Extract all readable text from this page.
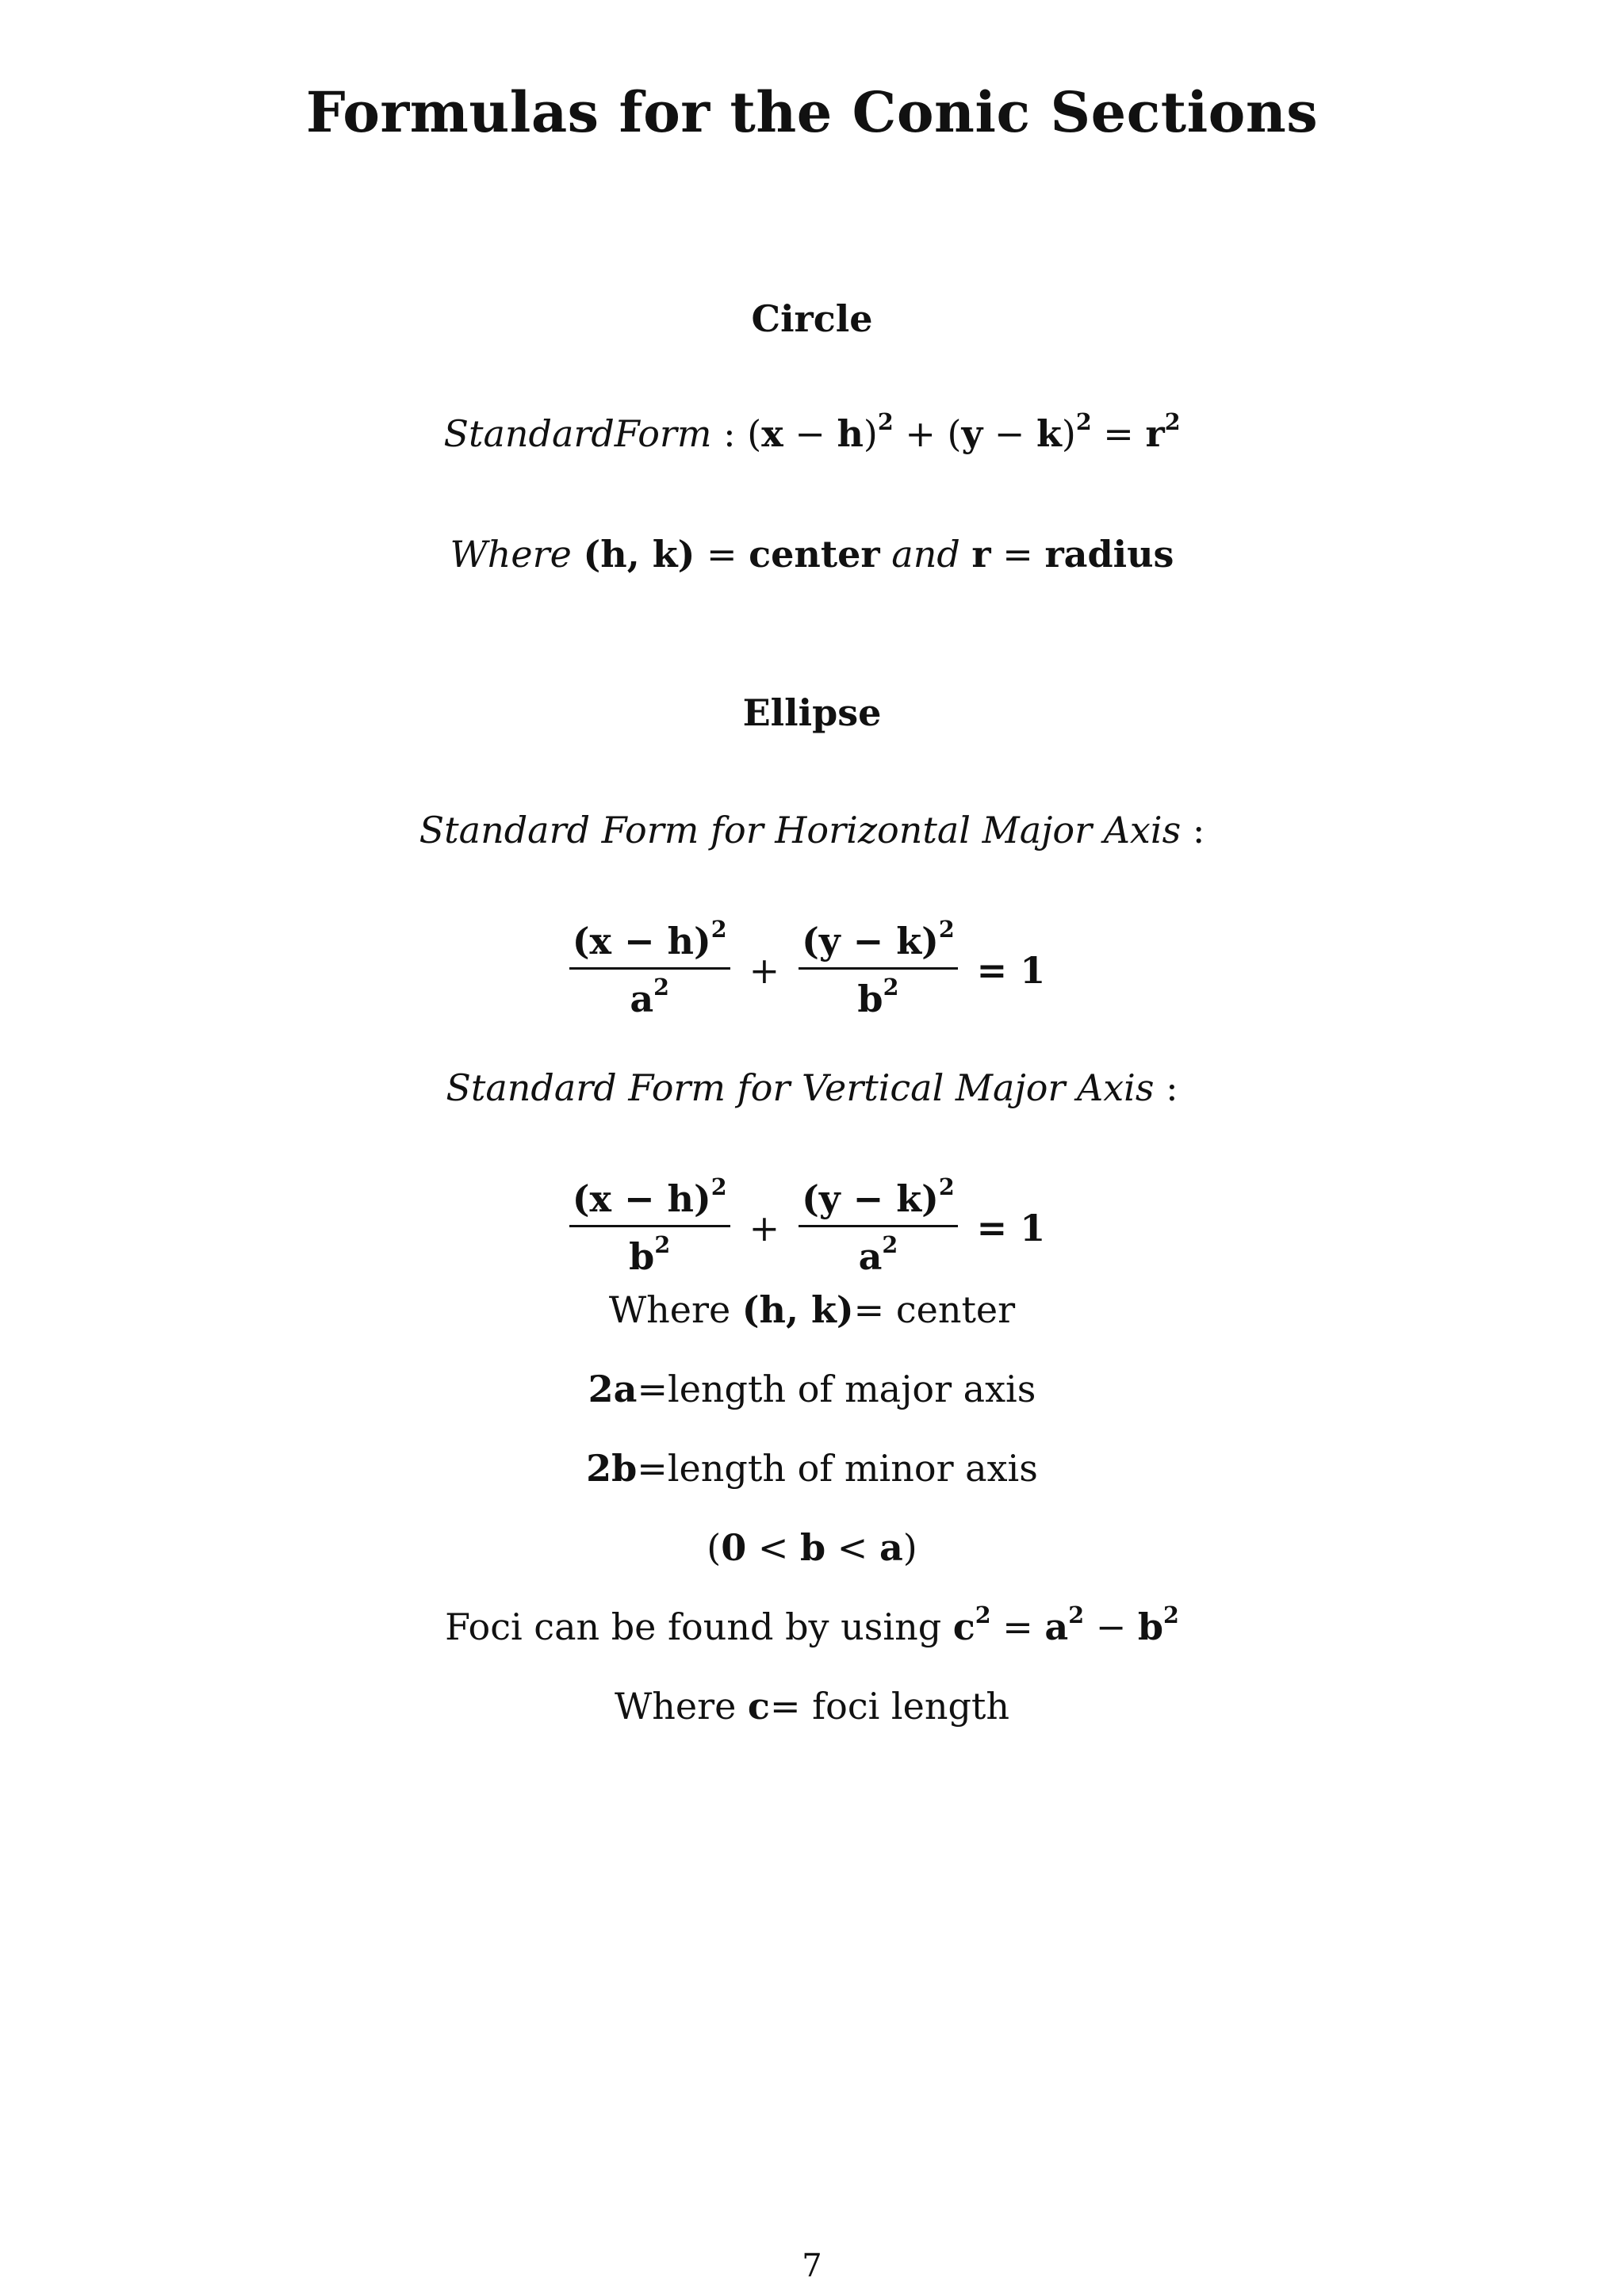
Formulas for the Conic Sections
Circle
StandardForm : $(x - h)^2 + (y - k)^2 = r^2$
Where (h, k) = center and r = radius
Ellipse
Standard Form for Horizontal Major Axis :
$\frac{(x - h)^2}{a^2} + \frac{(y - k)^2}{b^2} = 1$
Standard Form for Vertical Major Axis :
$\frac{(x - h)^2}{b^2} + \frac{(y - k)^2}{a^2} = 1$
Where (h, k)= center
2a=length of major axis
2b=length of minor axis
(0 < b < a)
Foci can be found by using $c^2 = a^2 - b^2$
Where c= foci length
7
